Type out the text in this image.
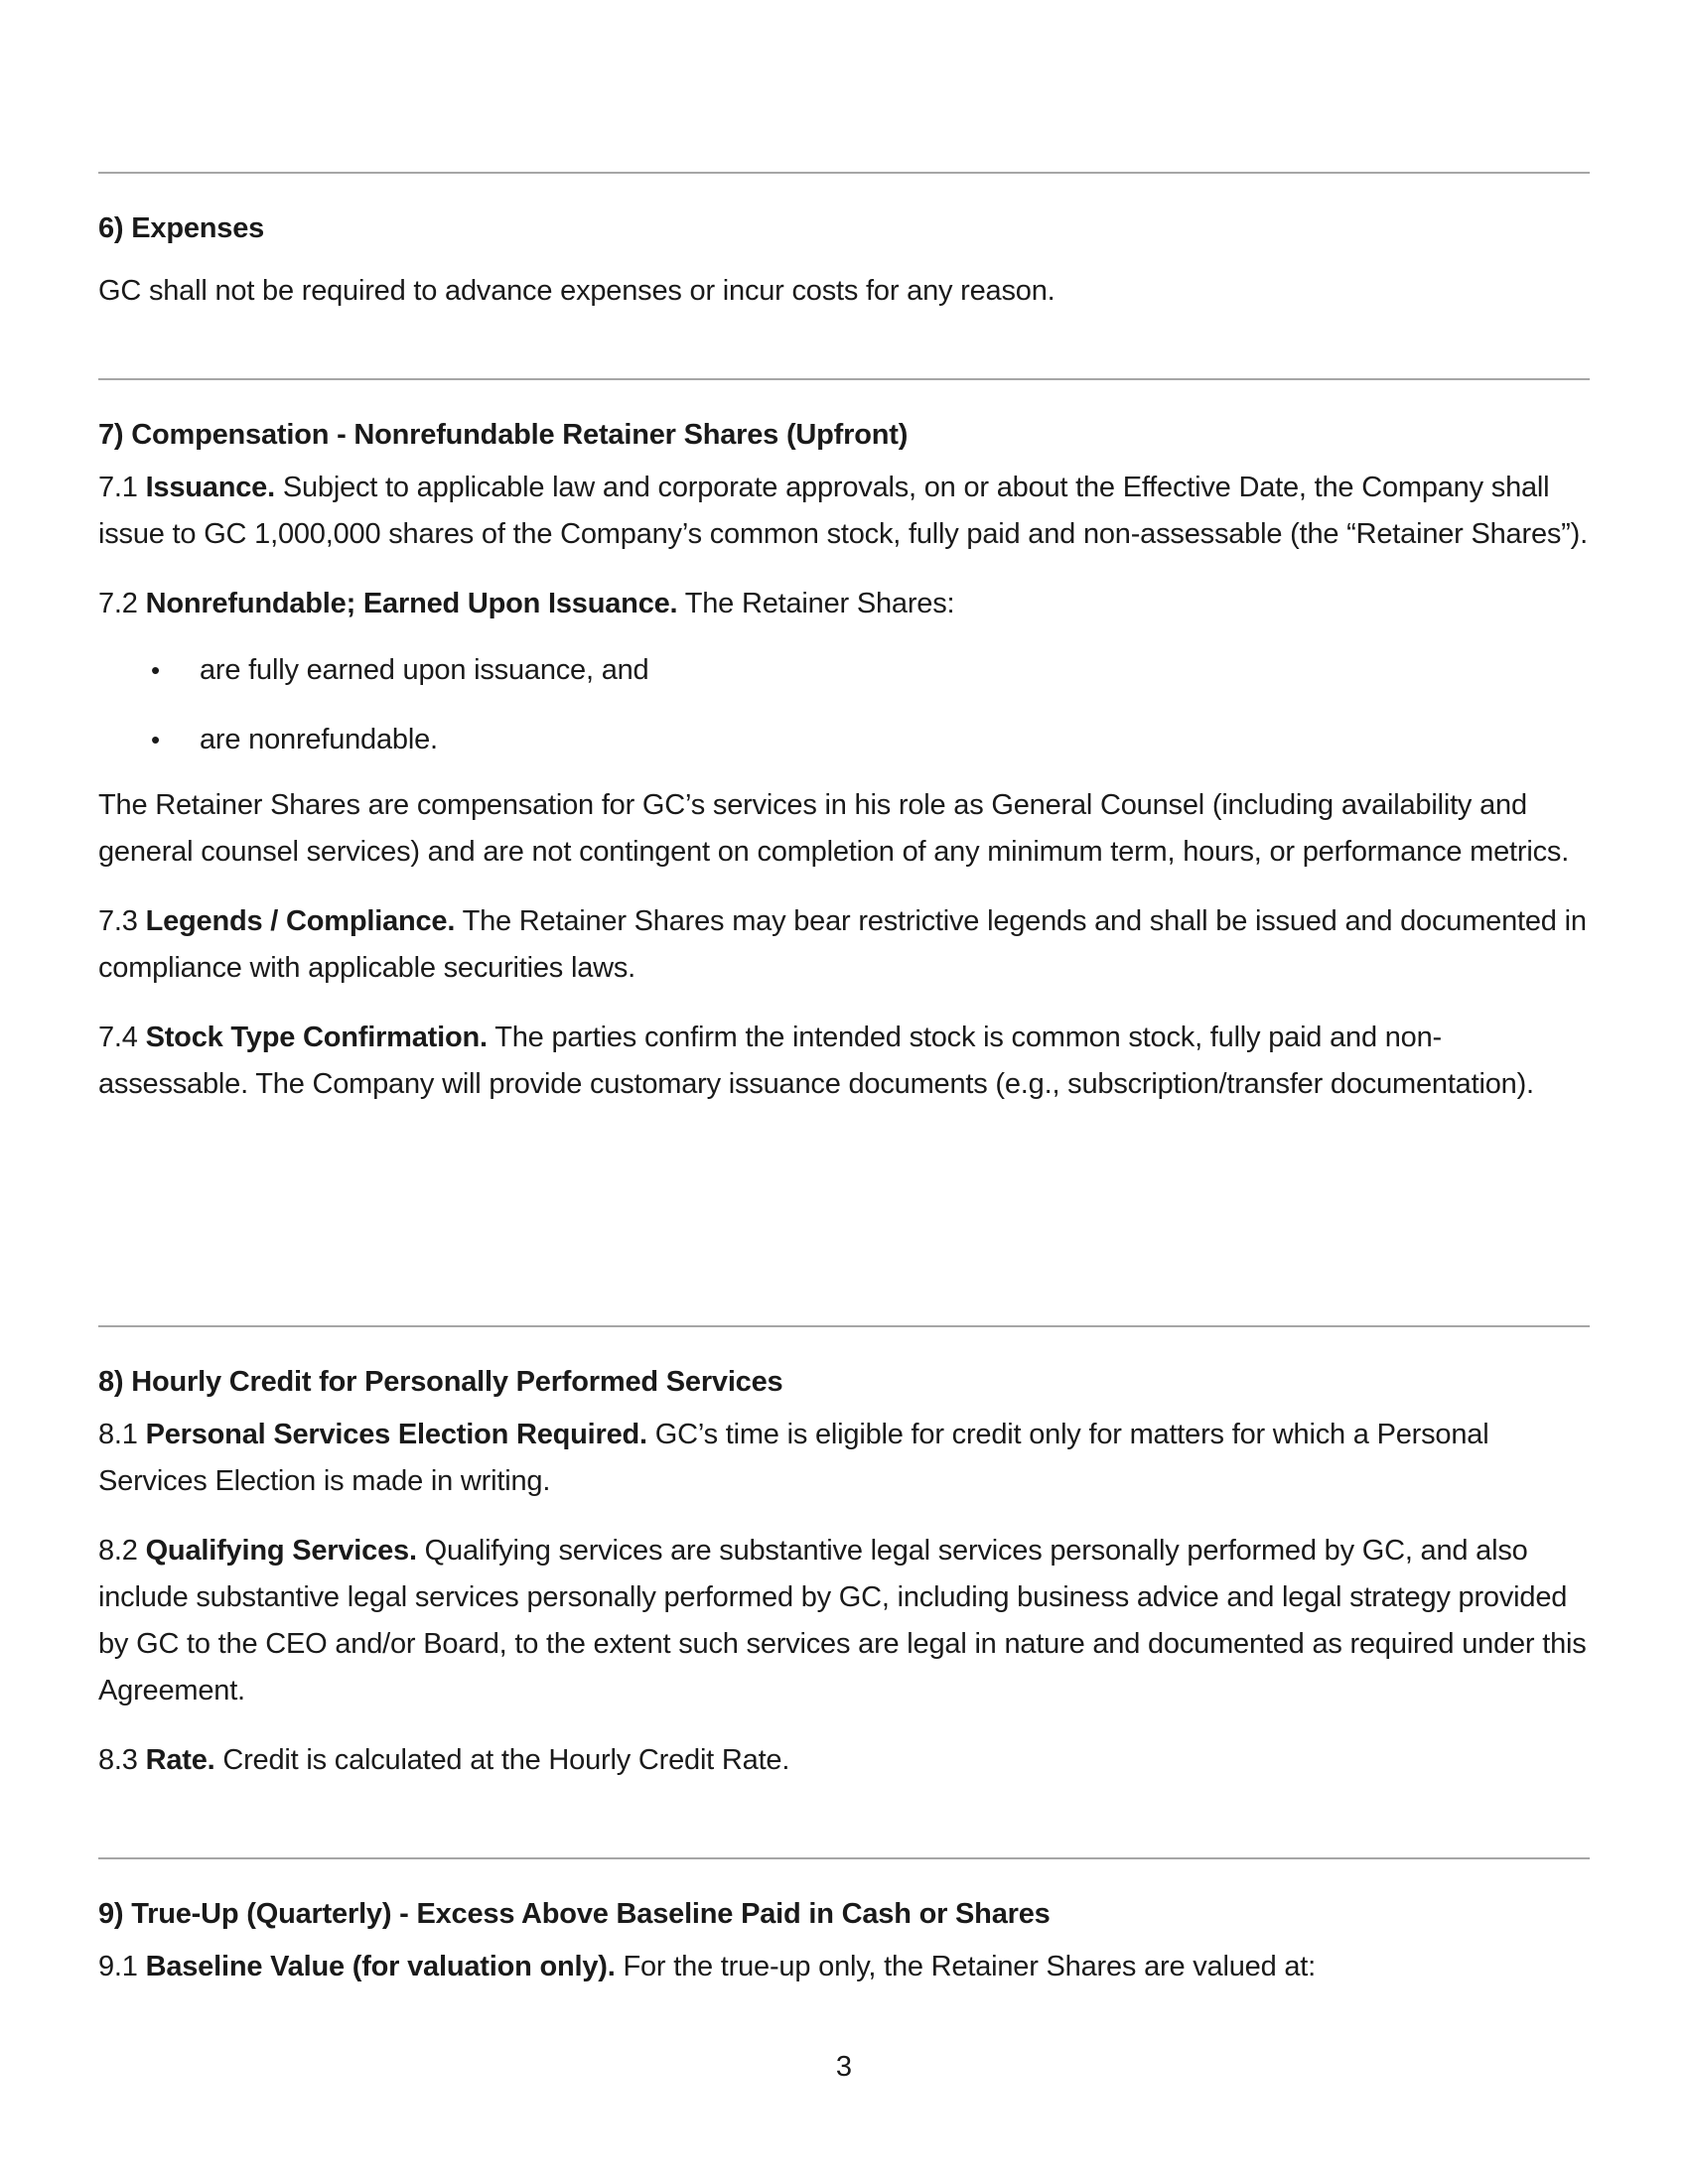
6) Expenses

GC shall not be required to advance expenses or incur costs for any reason.

7) Compensation - Nonrefundable Retainer Shares (Upfront)

7.1 Issuance. Subject to applicable law and corporate approvals, on or about the Effective Date, the Company shall issue to GC 1,000,000 shares of the Company’s common stock, fully paid and non-assessable (the “Retainer Shares”).

7.2 Nonrefundable; Earned Upon Issuance. The Retainer Shares:

• are fully earned upon issuance, and
• are nonrefundable.

The Retainer Shares are compensation for GC’s services in his role as General Counsel (including availability and general counsel services) and are not contingent on completion of any minimum term, hours, or performance metrics.

7.3 Legends / Compliance. The Retainer Shares may bear restrictive legends and shall be issued and documented in compliance with applicable securities laws.

7.4 Stock Type Confirmation. The parties confirm the intended stock is common stock, fully paid and non-assessable. The Company will provide customary issuance documents (e.g., subscription/transfer documentation).

8) Hourly Credit for Personally Performed Services

8.1 Personal Services Election Required. GC’s time is eligible for credit only for matters for which a Personal Services Election is made in writing.

8.2 Qualifying Services. Qualifying services are substantive legal services personally performed by GC, and also include substantive legal services personally performed by GC, including business advice and legal strategy provided by GC to the CEO and/or Board, to the extent such services are legal in nature and documented as required under this Agreement.

8.3 Rate. Credit is calculated at the Hourly Credit Rate.

9) True-Up (Quarterly) - Excess Above Baseline Paid in Cash or Shares

9.1 Baseline Value (for valuation only). For the true-up only, the Retainer Shares are valued at:

3
